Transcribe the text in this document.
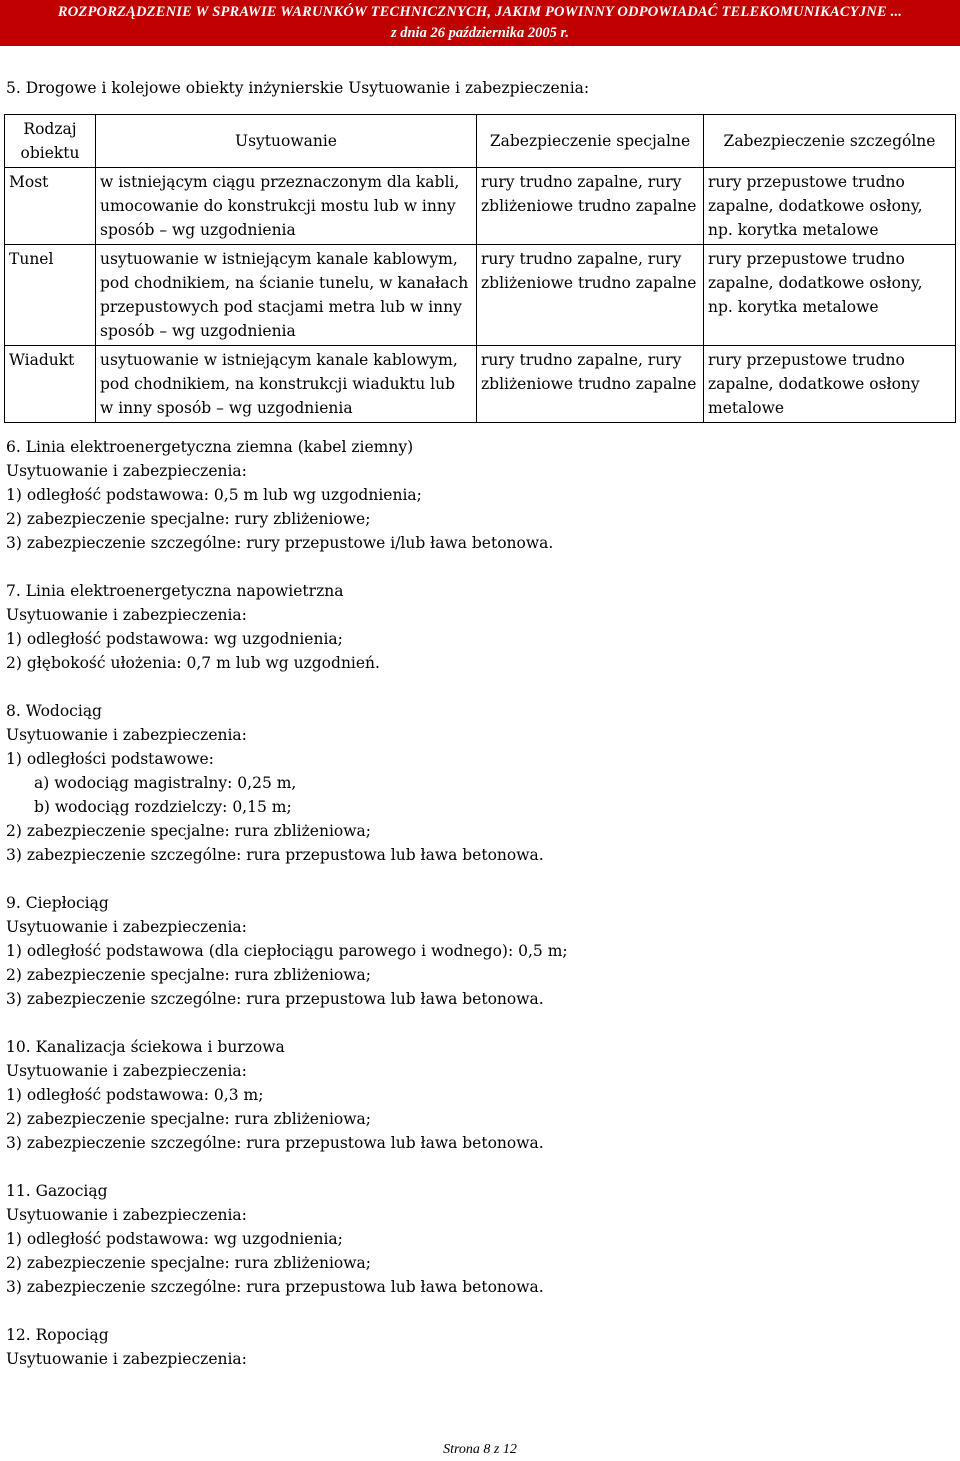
ROZPORZĄDZENIE W SPRAWIE WARUNKÓW TECHNICZNYCH, JAKIM POWINNY ODPOWIADAĆ TELEKOMUNIKACYJNE ...
z dnia 26 października 2005 r.
5. Drogowe i kolejowe obiekty inżynierskie Usytuowanie i zabezpieczenia:
Rodzaj obiektu	Usytuowanie	Zabezpieczenie specjalne	Zabezpieczenie szczególne
Most	w istniejącym ciągu przeznaczonym dla kabli, umocowanie do konstrukcji mostu lub w inny sposób – wg uzgodnienia	rury trudno zapalne, rury zbliżeniowe trudno zapalne	rury przepustowe trudno zapalne, dodatkowe osłony, np. korytka metalowe
Tunel	usytuowanie w istniejącym kanale kablowym, pod chodnikiem, na ścianie tunelu, w kanałach przepustowych pod stacjami metra lub w inny sposób – wg uzgodnienia	rury trudno zapalne, rury zbliżeniowe trudno zapalne	rury przepustowe trudno zapalne, dodatkowe osłony, np. korytka metalowe
Wiadukt	usytuowanie w istniejącym kanale kablowym, pod chodnikiem, na konstrukcji wiaduktu lub w inny sposób – wg uzgodnienia	rury trudno zapalne, rury zbliżeniowe trudno zapalne	rury przepustowe trudno zapalne, dodatkowe osłony metalowe

6. Linia elektroenergetyczna ziemna (kabel ziemny)

Usytuowanie i zabezpieczenia:

1) odległość podstawowa: 0,5 m lub wg uzgodnienia;

2) zabezpieczenie specjalne: rury zbliżeniowe;

3) zabezpieczenie szczególne: rury przepustowe i/lub ława betonowa.

7. Linia elektroenergetyczna napowietrzna

Usytuowanie i zabezpieczenia:

1) odległość podstawowa: wg uzgodnienia;

2) głębokość ułożenia: 0,7 m lub wg uzgodnień.

8. Wodociąg

Usytuowanie i zabezpieczenia:

1) odległości podstawowe:

a) wodociąg magistralny: 0,25 m,

b) wodociąg rozdzielczy: 0,15 m;

2) zabezpieczenie specjalne: rura zbliżeniowa;

3) zabezpieczenie szczególne: rura przepustowa lub ława betonowa.

9. Ciepłociąg

Usytuowanie i zabezpieczenia:

1) odległość podstawowa (dla ciepłociągu parowego i wodnego): 0,5 m;

2) zabezpieczenie specjalne: rura zbliżeniowa;

3) zabezpieczenie szczególne: rura przepustowa lub ława betonowa.

10. Kanalizacja ściekowa i burzowa

Usytuowanie i zabezpieczenia:

1) odległość podstawowa: 0,3 m;

2) zabezpieczenie specjalne: rura zbliżeniowa;

3) zabezpieczenie szczególne: rura przepustowa lub ława betonowa.

11. Gazociąg

Usytuowanie i zabezpieczenia:

1) odległość podstawowa: wg uzgodnienia;

2) zabezpieczenie specjalne: rura zbliżeniowa;

3) zabezpieczenie szczególne: rura przepustowa lub ława betonowa.

12. Ropociąg

Usytuowanie i zabezpieczenia:

Strona 8 z 12
